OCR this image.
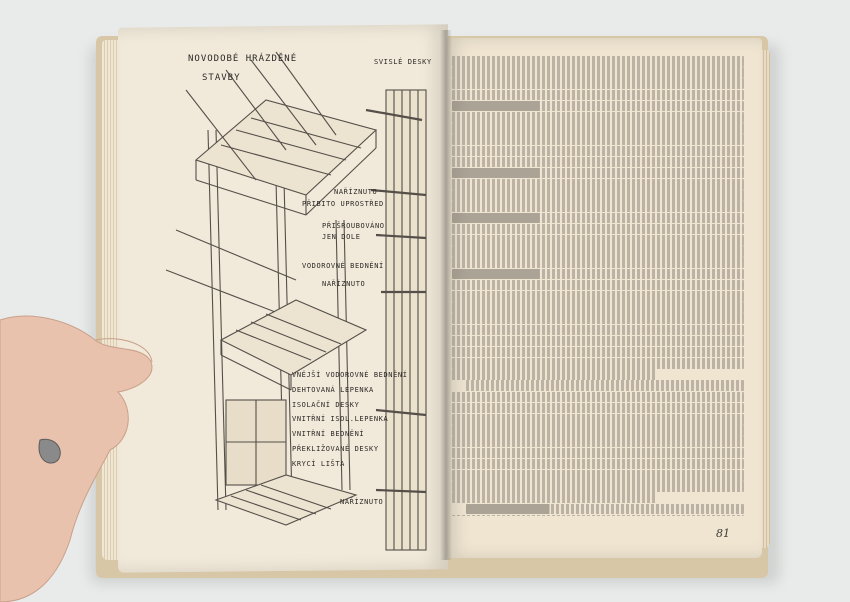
NOVODOBÉ HRÁZDĚNÉ
STAVBY
SVISLÉ DESKY
NAŘÍZNUTO
PŘIBITO UPROSTŘED
PŘIŠROUBOVÁNO
JEN DOLE
VODOROVNÉ BEDNĚNÍ
NAŘÍZNUTO
VNĚJŠÍ VODOROVNÉ BEDNĚNÍ
DEHTOVANÁ LEPENKA
ISOLAČNÍ DESKY
VNITŘNÍ ISOL.LEPENKA
VNITŘNÍ BEDNĚNÍ
PŘEKLIŽOVANÉ DESKY
KRYCÍ LIŠTA
NAŘÍZNUTO
81
